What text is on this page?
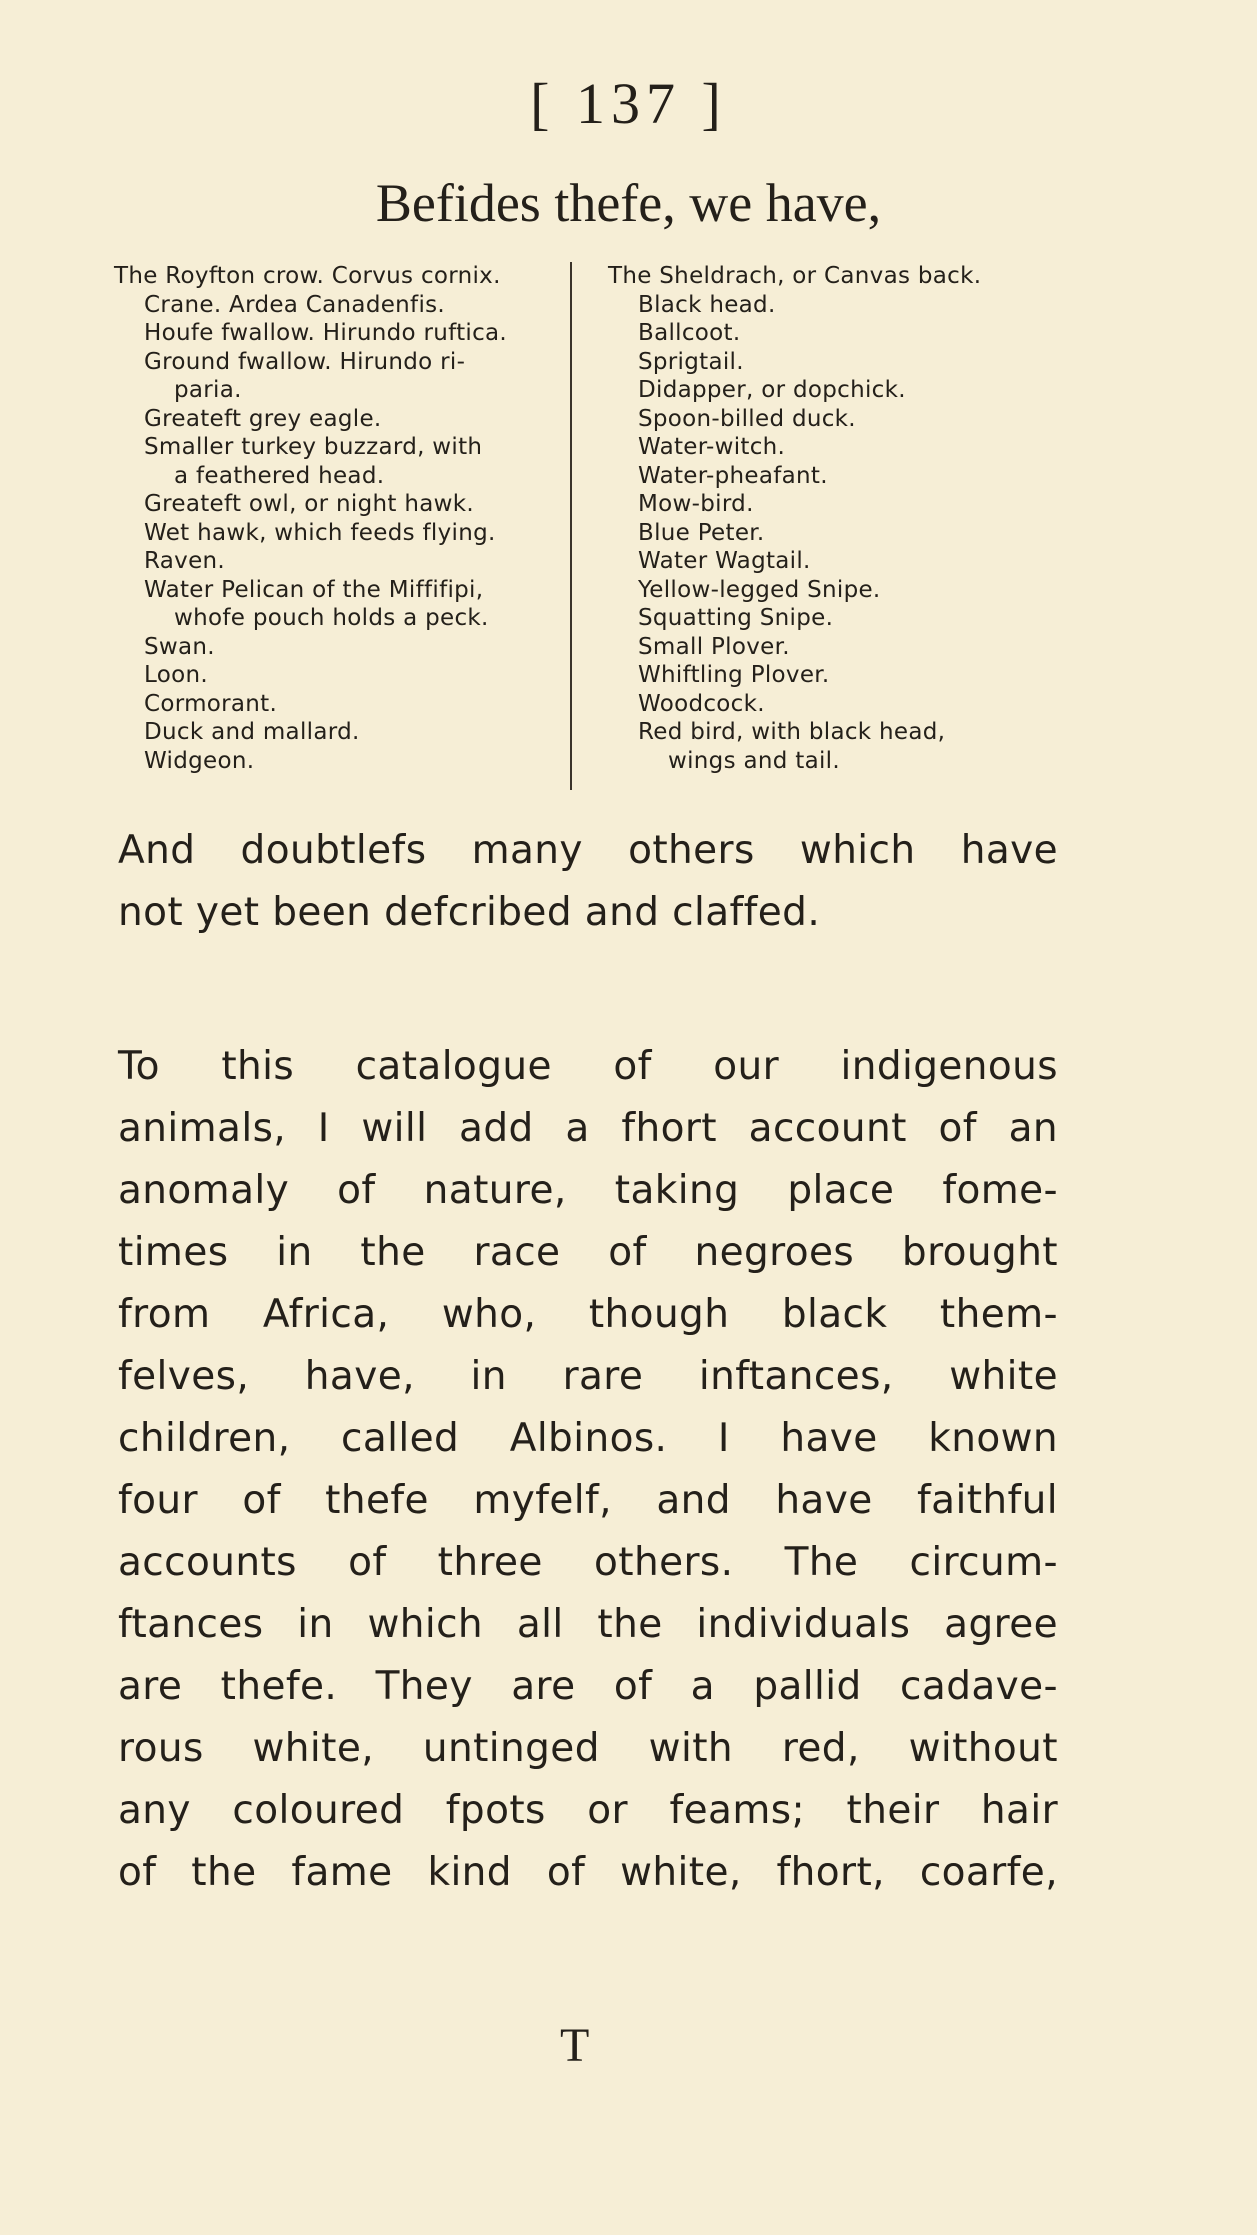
[ 137 ]
Befides thefe, we have,
The Royfton crow. Corvus cornix.
Crane. Ardea Canadenfis.
Houfe fwallow. Hirundo ruftica.
Ground fwallow. Hirundo ri-
paria.
Greateft grey eagle.
Smaller turkey buzzard, with
a feathered head.
Greateft owl, or night hawk.
Wet hawk, which feeds flying.
Raven.
Water Pelican of the Miffifipi,
whofe pouch holds a peck.
Swan.
Loon.
Cormorant.
Duck and mallard.
Widgeon.
The Sheldrach, or Canvas back.
Black head.
Ballcoot.
Sprigtail.
Didapper, or dopchick.
Spoon-billed duck.
Water-witch.
Water-pheafant.
Mow-bird.
Blue Peter.
Water Wagtail.
Yellow-legged Snipe.
Squatting Snipe.
Small Plover.
Whiftling Plover.
Woodcock.
Red bird, with black head,
wings and tail.
And doubtlefs many others which have
not yet been defcribed and claffed.
To this catalogue of our indigenous
animals, I will add a fhort account of an
anomaly of nature, taking place fome-
times in the race of negroes brought
from Africa, who, though black them-
felves, have, in rare inftances, white
children, called Albinos. I have known
four of thefe myfelf, and have faithful
accounts of three others. The circum-
ftances in which all the individuals agree
are thefe. They are of a pallid cadave-
rous white, untinged with red, without
any coloured fpots or feams; their hair
of the fame kind of white, fhort, coarfe,
T
